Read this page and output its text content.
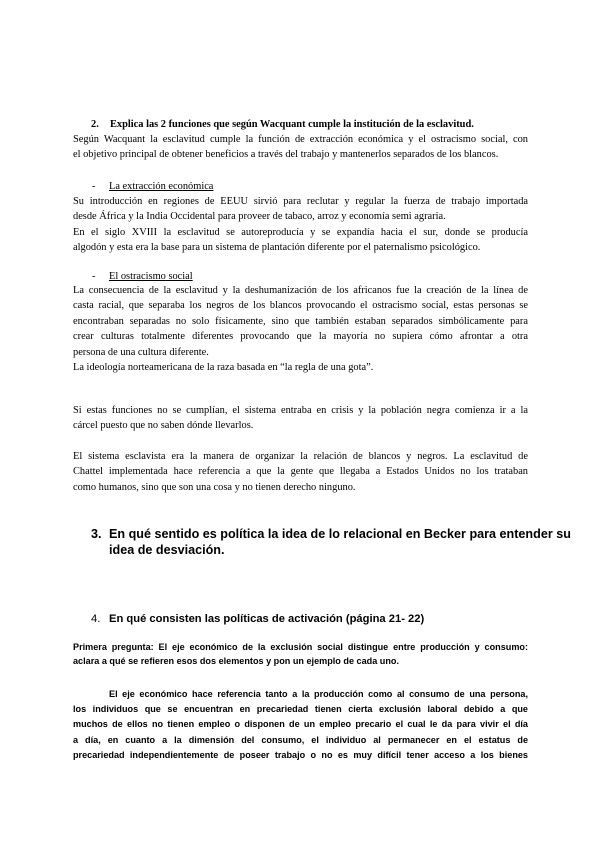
2. Explica las 2 funciones que según Wacquant cumple la institución de la esclavitud.
Según Wacquant la esclavitud cumple la función de extracción económica y el ostracismo social, con
el objetivo principal de obtener beneficios a través del trabajo y mantenerlos separados de los blancos.
- La extracción económica
Su introducción en regiones de EEUU sirvió para reclutar y regular la fuerza de trabajo importada
desde África y la India Occidental para proveer de tabaco, arroz y economía semi agraria.
En el siglo XVIII la esclavitud se autoreproducía y se expandía hacia el sur, donde se producía
algodón y esta era la base para un sistema de plantación diferente por el paternalismo psicológico.
- El ostracismo social
La consecuencia de la esclavitud y la deshumanización de los africanos fue la creación de la línea de
casta racial, que separaba los negros de los blancos provocando el ostracismo social, estas personas se
encontraban separadas no solo físicamente, sino que también estaban separados simbólicamente para
crear culturas totalmente diferentes provocando que la mayoría no supiera cómo afrontar a otra
persona de una cultura diferente.
La ideología norteamericana de la raza basada en “la regla de una gota”.
Si estas funciones no se cumplían, el sistema entraba en crisis y la población negra comienza ir a la
cárcel puesto que no saben dónde llevarlos.
El sistema esclavista era la manera de organizar la relación de blancos y negros. La esclavitud de
Chattel implementada hace referencia a que la gente que llegaba a Estados Unidos no los trataban
como humanos, sino que son una cosa y no tienen derecho ninguno.
3. En qué sentido es política la idea de lo relacional en Becker para entender su
idea de desviación.
4. En qué consisten las políticas de activación (página 21- 22)
Primera pregunta: El eje económico de la exclusión social distingue entre producción y consumo:
aclara a qué se refieren esos dos elementos y pon un ejemplo de cada uno.
El eje económico hace referencia tanto a la producción como al consumo de una persona,
los individuos que se encuentran en precariedad tienen cierta exclusión laboral debido a que
muchos de ellos no tienen empleo o disponen de un empleo precario el cual le da para vivir el día
a día, en cuanto a la dimensión del consumo, el individuo al permanecer en el estatus de
precariedad independientemente de poseer trabajo o no es muy difícil tener acceso a los bienes
